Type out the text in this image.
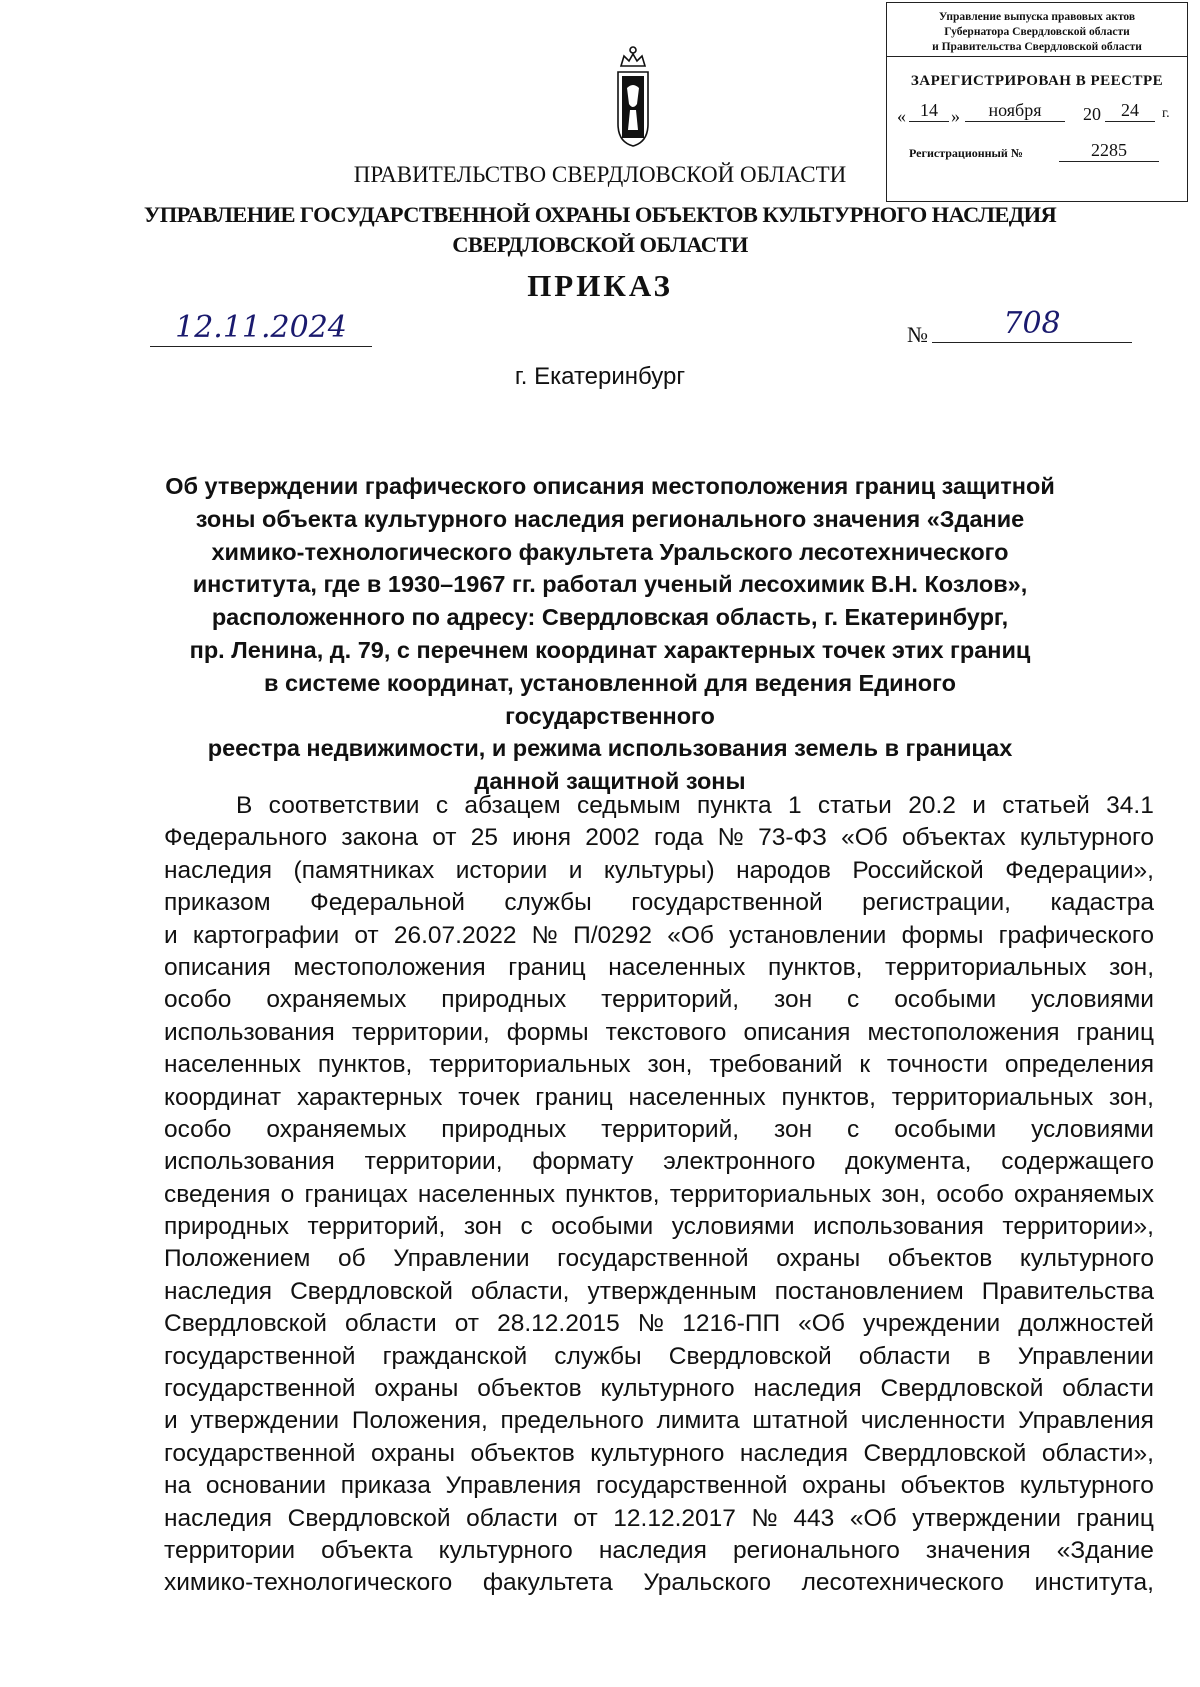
Управление выпуска правовых актов
Губернатора Свердловской области
и Правительства Свердловской области
ЗАРЕГИСТРИРОВАН В РЕЕСТРЕ
« 14 »	ноября	20	24	г.
Регистрационный №	2285
ПРАВИТЕЛЬСТВО СВЕРДЛОВСКОЙ ОБЛАСТИ
УПРАВЛЕНИЕ ГОСУДАРСТВЕННОЙ ОХРАНЫ ОБЪЕКТОВ КУЛЬТУРНОГО НАСЛЕДИЯ
СВЕРДЛОВСКОЙ ОБЛАСТИ
ПРИКАЗ
12.11.2024	№	708
г. Екатеринбург
Об утверждении графического описания местоположения границ защитной
зоны объекта культурного наследия регионального значения «Здание
химико-технологического факультета Уральского лесотехнического
института, где в 1930–1967 гг. работал ученый лесохимик В.Н. Козлов»,
расположенного по адресу: Свердловская область, г. Екатеринбург,
пр. Ленина, д. 79, с перечнем координат характерных точек этих границ
в системе координат, установленной для ведения Единого государственного
реестра недвижимости, и режима использования земель в границах
данной защитной зоны
В соответствии с абзацем седьмым пункта 1 статьи 20.2 и статьей 34.1
Федерального закона от 25 июня 2002 года № 73-ФЗ «Об объектах культурного
наследия (памятниках истории и культуры) народов Российской Федерации»,
приказом Федеральной службы государственной регистрации, кадастра
и картографии от 26.07.2022 № П/0292 «Об установлении формы графического
описания местоположения границ населенных пунктов, территориальных зон,
особо охраняемых природных территорий, зон с особыми условиями
использования территории, формы текстового описания местоположения границ
населенных пунктов, территориальных зон, требований к точности определения
координат характерных точек границ населенных пунктов, территориальных зон,
особо охраняемых природных территорий, зон с особыми условиями
использования территории, формату электронного документа, содержащего
сведения о границах населенных пунктов, территориальных зон, особо охраняемых
природных территорий, зон с особыми условиями использования территории»,
Положением об Управлении государственной охраны объектов культурного
наследия Свердловской области, утвержденным постановлением Правительства
Свердловской области от 28.12.2015 № 1216-ПП «Об учреждении должностей
государственной гражданской службы Свердловской области в Управлении
государственной охраны объектов культурного наследия Свердловской области
и утверждении Положения, предельного лимита штатной численности Управления
государственной охраны объектов культурного наследия Свердловской области»,
на основании приказа Управления государственной охраны объектов культурного
наследия Свердловской области от 12.12.2017 № 443 «Об утверждении границ
территории объекта культурного наследия регионального значения «Здание
химико-технологического факультета Уральского лесотехнического института,
